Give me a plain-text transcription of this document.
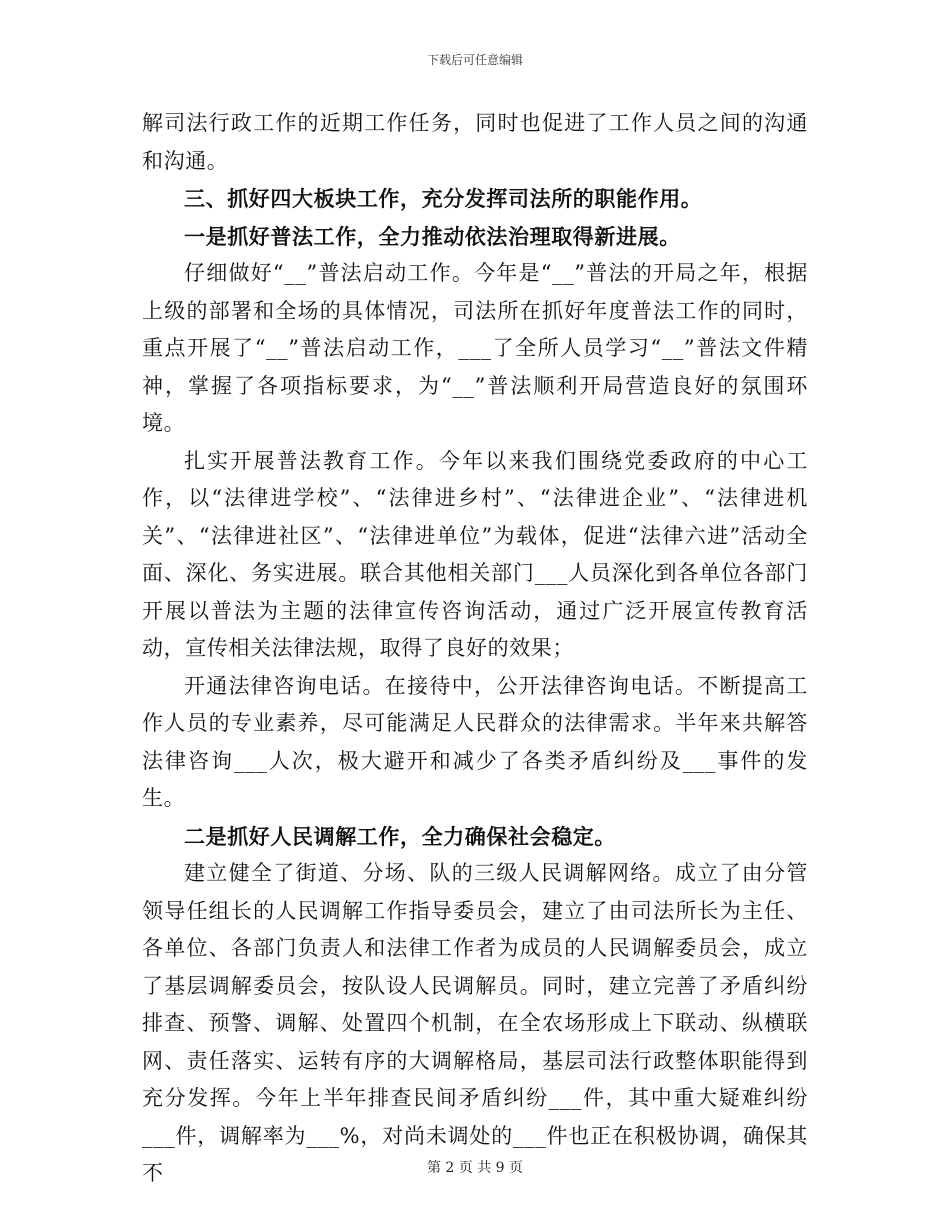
下载后可任意编辑

解司法行政工作的近期工作任务，同时也促进了工作人员之间的沟通和沟通。

三、抓好四大板块工作，充分发挥司法所的职能作用。

一是抓好普法工作，全力推动依法治理取得新进展。

仔细做好“__”普法启动工作。今年是“__”普法的开局之年，根据上级的部署和全场的具体情况，司法所在抓好年度普法工作的同时，重点开展了“__”普法启动工作，___了全所人员学习“__”普法文件精神，掌握了各项指标要求，为“__”普法顺利开局营造良好的氛围环境。

扎实开展普法教育工作。今年以来我们围绕党委政府的中心工作，以“法律进学校”、“法律进乡村”、“法律进企业”、“法律进机关”、“法律进社区”、“法律进单位”为载体，促进“法律六进”活动全面、深化、务实进展。联合其他相关部门___人员深化到各单位各部门开展以普法为主题的法律宣传咨询活动，通过广泛开展宣传教育活动，宣传相关法律法规，取得了良好的效果；

开通法律咨询电话。在接待中，公开法律咨询电话。不断提高工作人员的专业素养，尽可能满足人民群众的法律需求。半年来共解答法律咨询___人次，极大避开和减少了各类矛盾纠纷及___事件的发生。

二是抓好人民调解工作，全力确保社会稳定。

建立健全了街道、分场、队的三级人民调解网络。成立了由分管领导任组长的人民调解工作指导委员会，建立了由司法所长为主任、各单位、各部门负责人和法律工作者为成员的人民调解委员会，成立了基层调解委员会，按队设人民调解员。同时，建立完善了矛盾纠纷排查、预警、调解、处置四个机制，在全农场形成上下联动、纵横联网、责任落实、运转有序的大调解格局，基层司法行政整体职能得到充分发挥。今年上半年排查民间矛盾纠纷___件，其中重大疑难纠纷___件，调解率为___%，对尚未调处的___件也正在积极协调，确保其不	第 2 页 共 9 页
